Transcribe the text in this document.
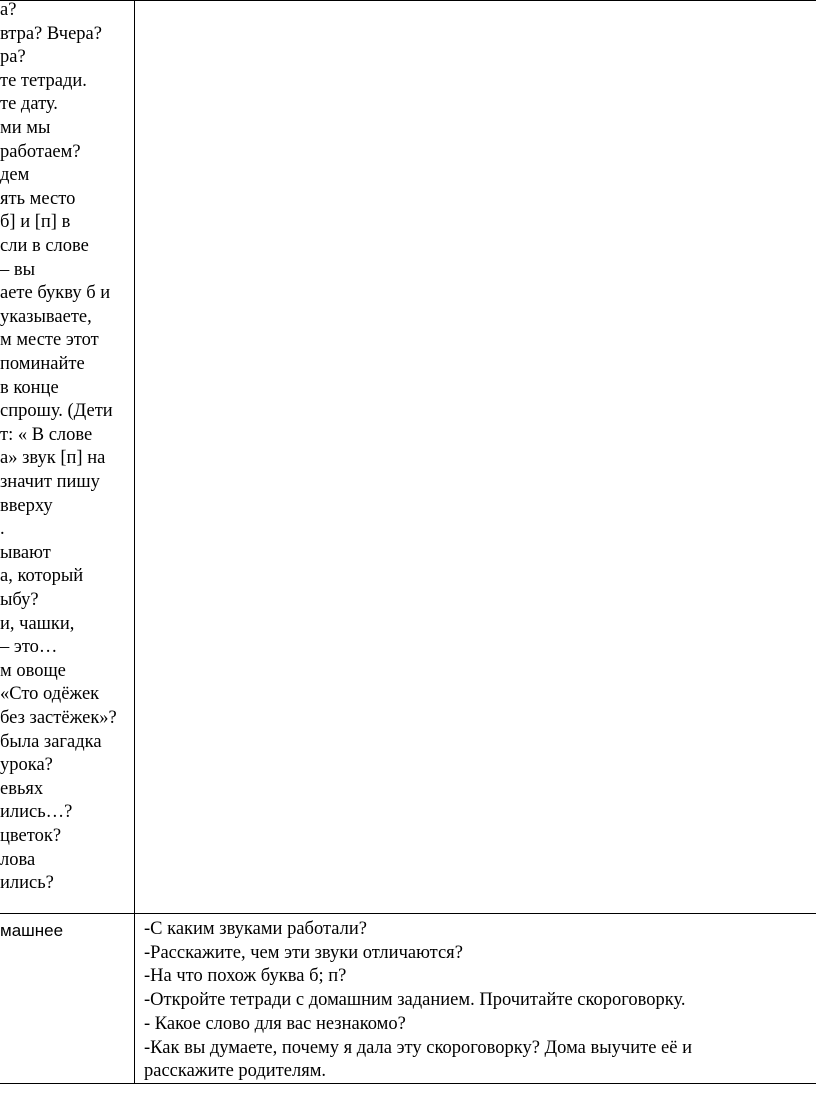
а?
втра? Вчера?
ра?
те тетради.
те дату.
ми мы
работаем?
дем
ять место
б] и [п] в
сли в слове
– вы
аете букву б и
указываете,
м месте этот
поминайте
в конце
спрошу. (Дети
т: « В слове
а» звук [п] на
значит пишу
вверху
.
ывают
а, который
ыбу?
и, чашки,
– это…
м овоще
«Сто одёжек
без застёжек»?
была загадка
урока?
евьях
ились…?
цветок?
лова
ились?
машнее	-С каким звуками работали?
-Расскажите, чем эти звуки отличаются?
-На что похож буква б; п?
-Откройте тетради с домашним заданием. Прочитайте скороговорку.
- Какое слово для вас незнакомо?
-Как вы думаете, почему я дала эту скороговорку? Дома выучите её и
расскажите родителям.
